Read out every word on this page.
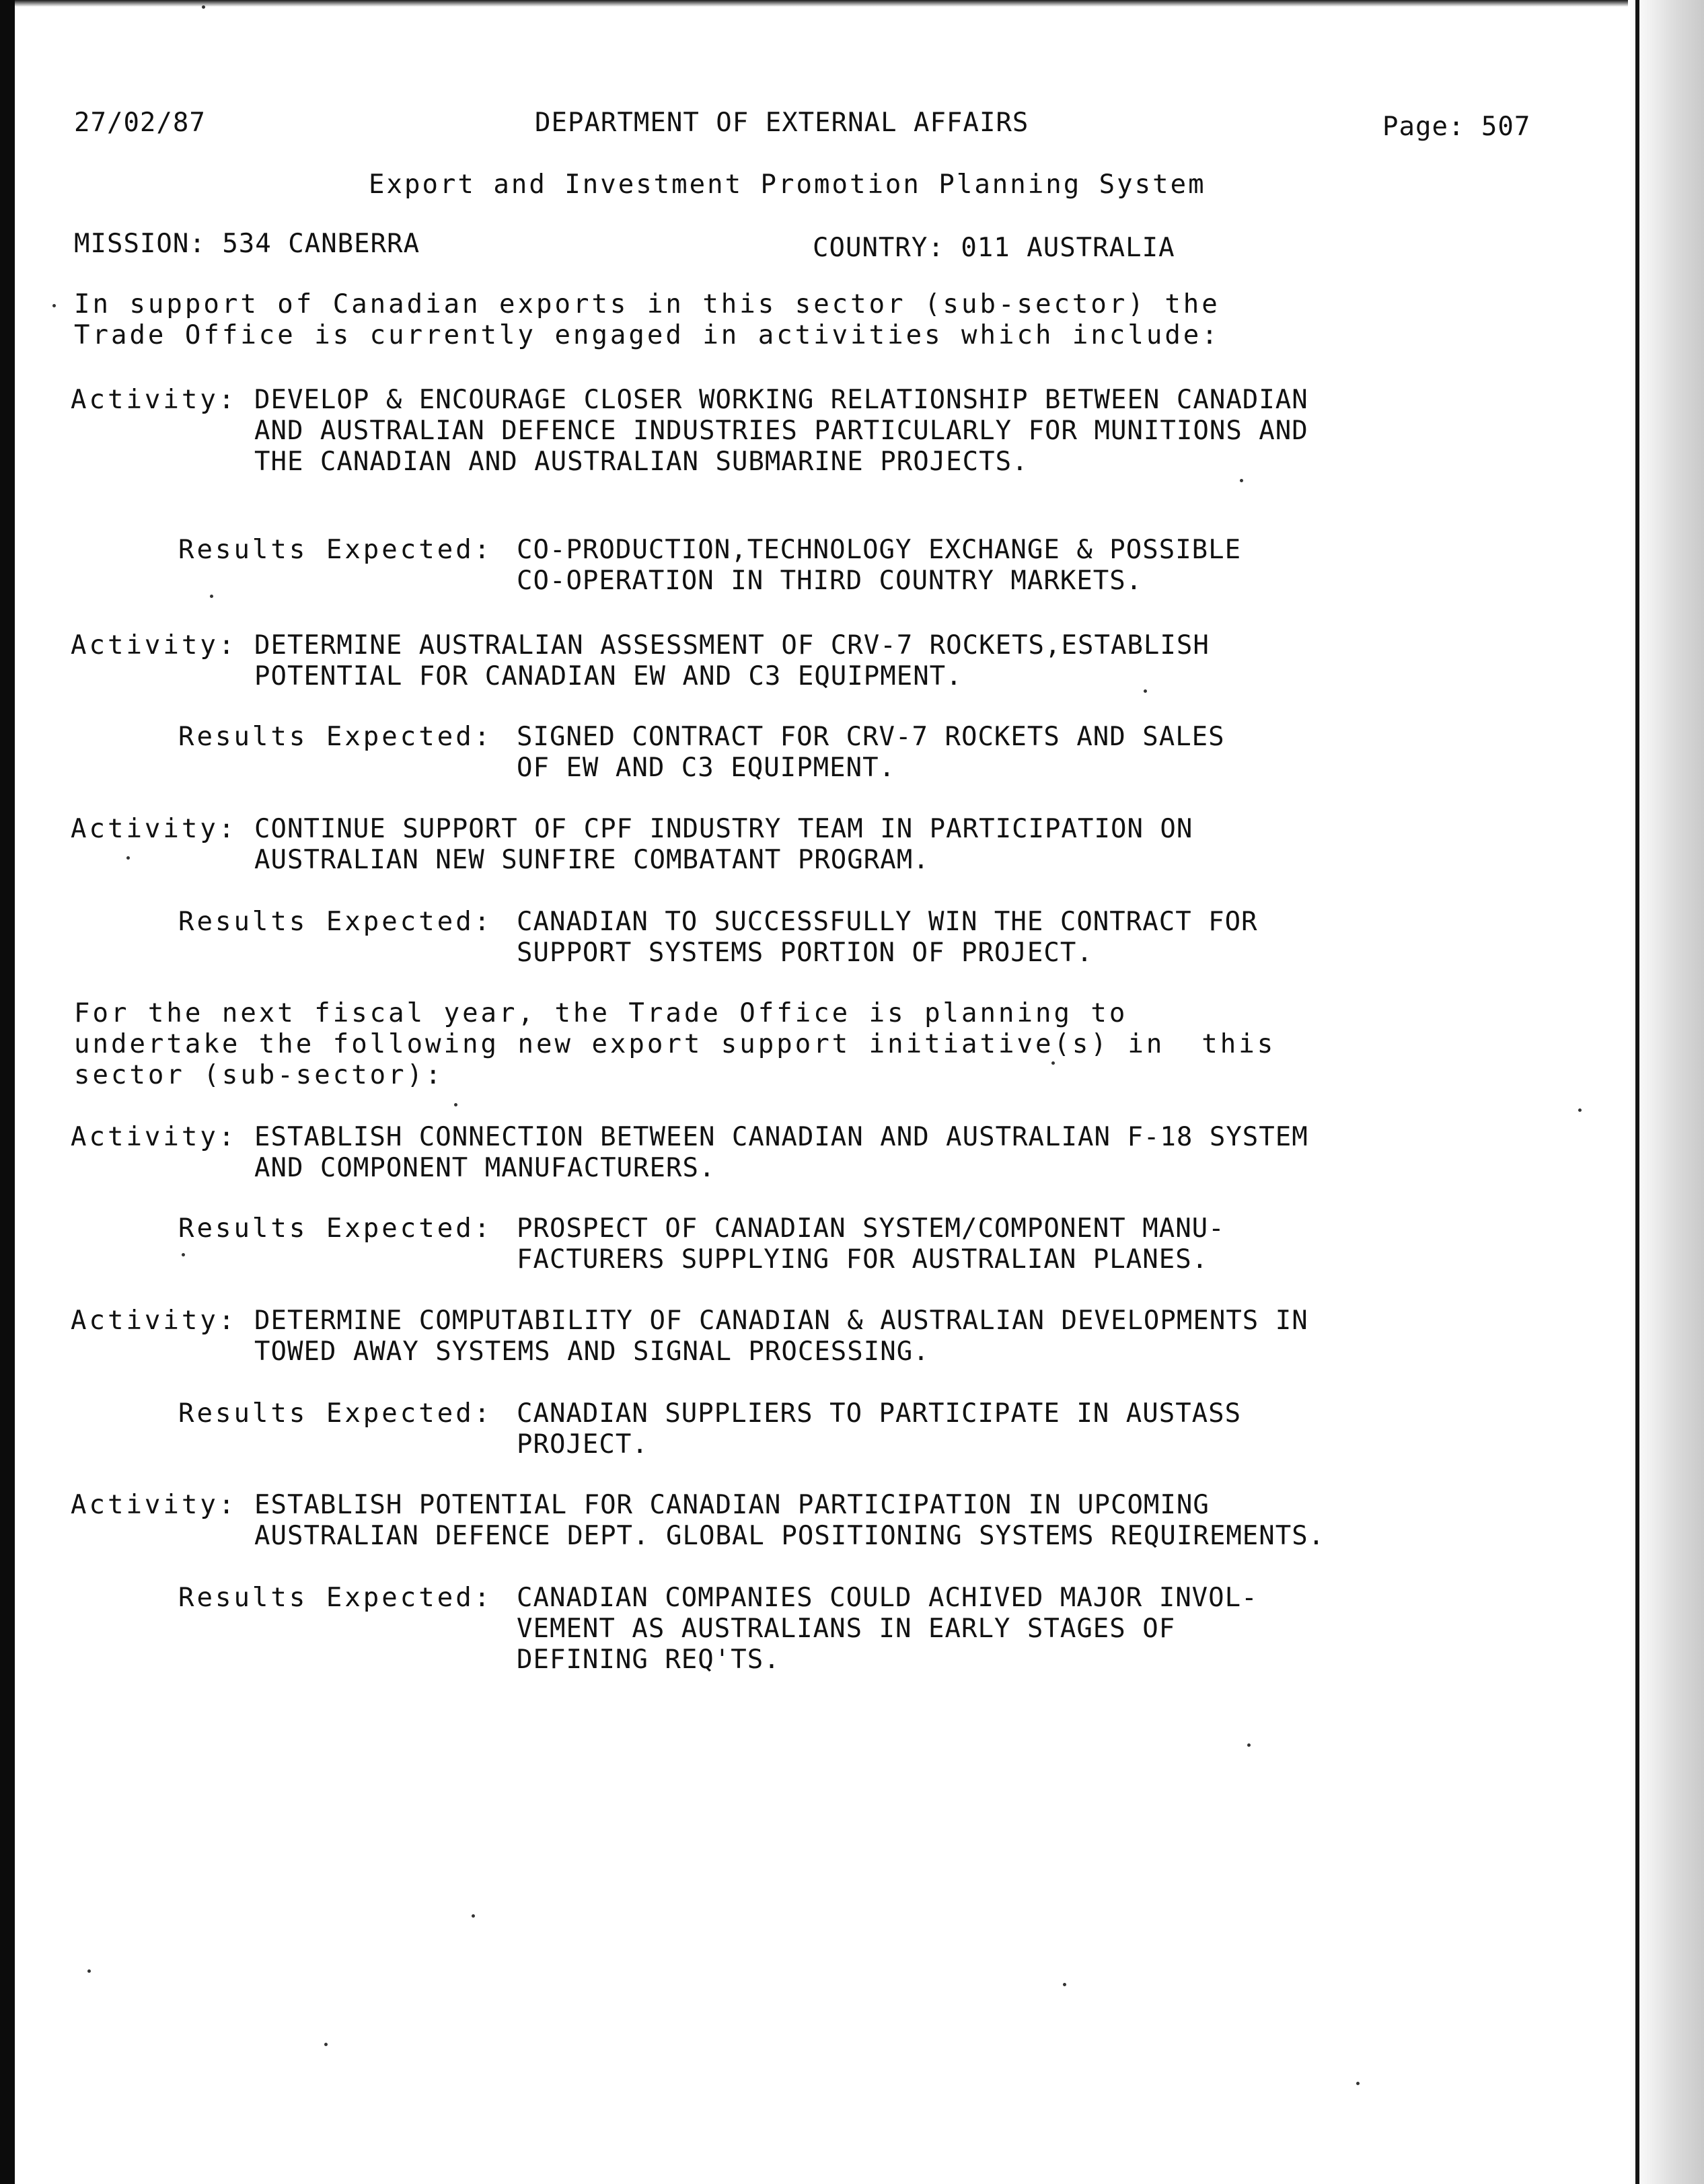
27/02/87	DEPARTMENT OF EXTERNAL AFFAIRS	Page: 507
Export and Investment Promotion Planning System
MISSION: 534 CANBERRA	COUNTRY: 011 AUSTRALIA
In support of Canadian exports in this sector (sub-sector) the
Trade Office is currently engaged in activities which include:
Activity: DEVELOP & ENCOURAGE CLOSER WORKING RELATIONSHIP BETWEEN CANADIAN
AND AUSTRALIAN DEFENCE INDUSTRIES PARTICULARLY FOR MUNITIONS AND
THE CANADIAN AND AUSTRALIAN SUBMARINE PROJECTS.
Results Expected: CO-PRODUCTION,TECHNOLOGY EXCHANGE & POSSIBLE
CO-OPERATION IN THIRD COUNTRY MARKETS.
Activity: DETERMINE AUSTRALIAN ASSESSMENT OF CRV-7 ROCKETS,ESTABLISH
POTENTIAL FOR CANADIAN EW AND C3 EQUIPMENT.
Results Expected: SIGNED CONTRACT FOR CRV-7 ROCKETS AND SALES
OF EW AND C3 EQUIPMENT.
Activity: CONTINUE SUPPORT OF CPF INDUSTRY TEAM IN PARTICIPATION ON
AUSTRALIAN NEW SUNFIRE COMBATANT PROGRAM.
Results Expected: CANADIAN TO SUCCESSFULLY WIN THE CONTRACT FOR
SUPPORT SYSTEMS PORTION OF PROJECT.
For the next fiscal year, the Trade Office is planning to
undertake the following new export support initiative(s) in  this
sector (sub-sector):
Activity: ESTABLISH CONNECTION BETWEEN CANADIAN AND AUSTRALIAN F-18 SYSTEM
AND COMPONENT MANUFACTURERS.
Results Expected: PROSPECT OF CANADIAN SYSTEM/COMPONENT MANU-
FACTURERS SUPPLYING FOR AUSTRALIAN PLANES.
Activity: DETERMINE COMPUTABILITY OF CANADIAN & AUSTRALIAN DEVELOPMENTS IN
TOWED AWAY SYSTEMS AND SIGNAL PROCESSING.
Results Expected: CANADIAN SUPPLIERS TO PARTICIPATE IN AUSTASS
PROJECT.
Activity: ESTABLISH POTENTIAL FOR CANADIAN PARTICIPATION IN UPCOMING
AUSTRALIAN DEFENCE DEPT. GLOBAL POSITIONING SYSTEMS REQUIREMENTS.
Results Expected: CANADIAN COMPANIES COULD ACHIVED MAJOR INVOL-
VEMENT AS AUSTRALIANS IN EARLY STAGES OF
DEFINING REQ'TS.
